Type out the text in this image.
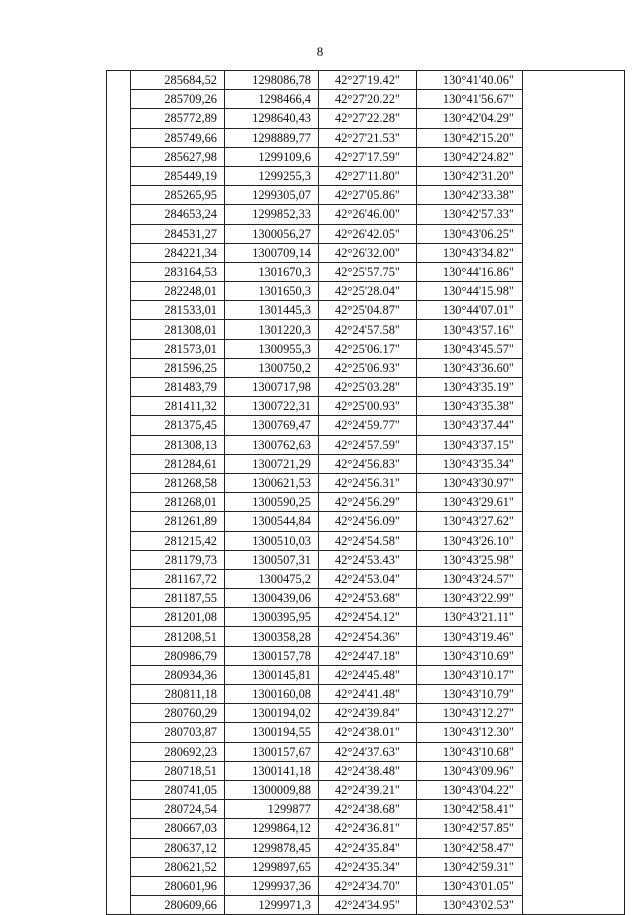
8
	285684,52	1298086,78	42°27'19.42"	130°41'40.06"	
	285709,26	1298466,4	42°27'20.22"	130°41'56.67"	
	285772,89	1298640,43	42°27'22.28"	130°42'04.29"	
	285749,66	1298889,77	42°27'21.53"	130°42'15.20"	
	285627,98	1299109,6	42°27'17.59"	130°42'24.82"	
	285449,19	1299255,3	42°27'11.80"	130°42'31.20"	
	285265,95	1299305,07	42°27'05.86"	130°42'33.38"	
	284653,24	1299852,33	42°26'46.00"	130°42'57.33"	
	284531,27	1300056,27	42°26'42.05"	130°43'06.25"	
	284221,34	1300709,14	42°26'32.00"	130°43'34.82"	
	283164,53	1301670,3	42°25'57.75"	130°44'16.86"	
	282248,01	1301650,3	42°25'28.04"	130°44'15.98"	
	281533,01	1301445,3	42°25'04.87"	130°44'07.01"	
	281308,01	1301220,3	42°24'57.58"	130°43'57.16"	
	281573,01	1300955,3	42°25'06.17"	130°43'45.57"	
	281596,25	1300750,2	42°25'06.93"	130°43'36.60"	
	281483,79	1300717,98	42°25'03.28"	130°43'35.19"	
	281411,32	1300722,31	42°25'00.93"	130°43'35.38"	
	281375,45	1300769,47	42°24'59.77"	130°43'37.44"	
	281308,13	1300762,63	42°24'57.59"	130°43'37.15"	
	281284,61	1300721,29	42°24'56.83"	130°43'35.34"	
	281268,58	1300621,53	42°24'56.31"	130°43'30.97"	
	281268,01	1300590,25	42°24'56.29"	130°43'29.61"	
	281261,89	1300544,84	42°24'56.09"	130°43'27.62"	
	281215,42	1300510,03	42°24'54.58"	130°43'26.10"	
	281179,73	1300507,31	42°24'53.43"	130°43'25.98"	
	281167,72	1300475,2	42°24'53.04"	130°43'24.57"	
	281187,55	1300439,06	42°24'53.68"	130°43'22.99"	
	281201,08	1300395,95	42°24'54.12"	130°43'21.11"	
	281208,51	1300358,28	42°24'54.36"	130°43'19.46"	
	280986,79	1300157,78	42°24'47.18"	130°43'10.69"	
	280934,36	1300145,81	42°24'45.48"	130°43'10.17"	
	280811,18	1300160,08	42°24'41.48"	130°43'10.79"	
	280760,29	1300194,02	42°24'39.84"	130°43'12.27"	
	280703,87	1300194,55	42°24'38.01"	130°43'12.30"	
	280692,23	1300157,67	42°24'37.63"	130°43'10.68"	
	280718,51	1300141,18	42°24'38.48"	130°43'09.96"	
	280741,05	1300009,88	42°24'39.21"	130°43'04.22"	
	280724,54	1299877	42°24'38.68"	130°42'58.41"	
	280667,03	1299864,12	42°24'36.81"	130°42'57.85"	
	280637,12	1299878,45	42°24'35.84"	130°42'58.47"	
	280621,52	1299897,65	42°24'35.34"	130°42'59.31"	
	280601,96	1299937,36	42°24'34.70"	130°43'01.05"	
	280609,66	1299971,3	42°24'34.95"	130°43'02.53"	
